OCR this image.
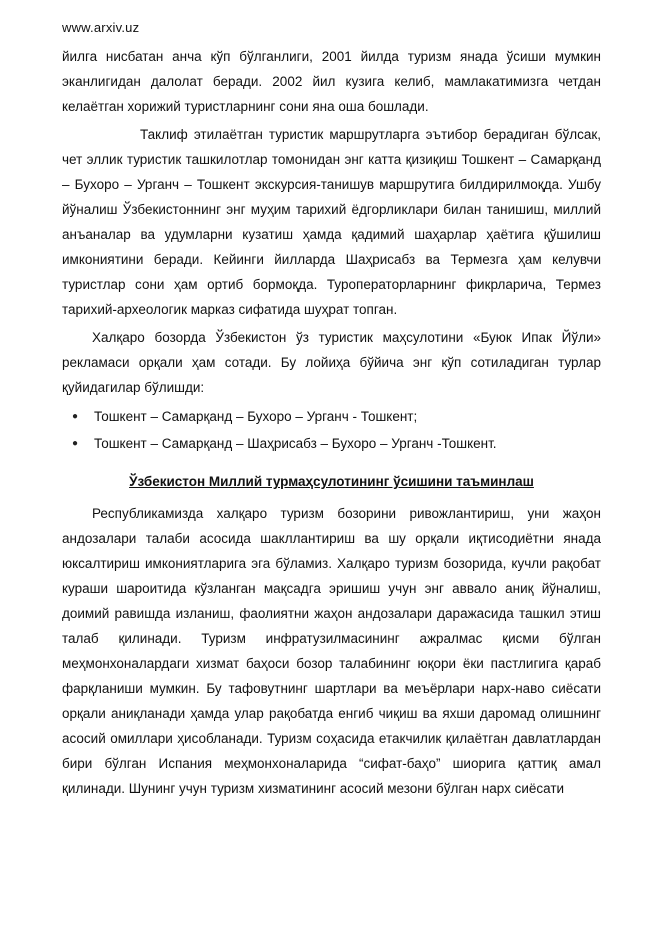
www.arxiv.uz

йилга нисбатан анча кўп бўлганлиги, 2001 йилда туризм янада ўсиши мумкин эканлигидан далолат беради. 2002 йил кузига келиб, мамлакатимизга четдан келаётган хорижий туристларнинг сони яна оша бошлади.

Таклиф этилаётган туристик маршрутларга эътибор берадиган бўлсак, чет эллик туристик ташкилотлар томонидан энг катта қизиқиш Тошкент – Самарқанд – Бухоро – Урганч – Тошкент экскурсия-танишув маршрутига билдирилмоқда. Ушбу йўналиш Ўзбекистоннинг энг муҳим тарихий ёдгорликлари билан танишиш, миллий анъаналар ва удумларни кузатиш ҳамда қадимий шаҳарлар ҳаётига қўшилиш имкониятини беради. Кейинги йилларда Шаҳрисабз ва Термезга ҳам келувчи туристлар сони ҳам ортиб бормоқда. Туроператорларнинг фикрларича, Термез тарихий-археологик марказ сифатида шуҳрат топган.

Халқаро бозорда Ўзбекистон ўз туристик маҳсулотини «Буюк Ипак Йўли» рекламаси орқали ҳам сотади. Бу лойиҳа бўйича энг кўп сотиладиган турлар қуйидагилар бўлишди:

● Тошкент – Самарқанд – Бухоро – Урганч - Тошкент;
● Тошкент – Самарқанд – Шаҳрисабз – Бухоро – Урганч -Тошкент.
Ўзбекистон Миллий турмаҳсулотининг ўсишини таъминлаш

Республикамизда халқаро туризм бозорини ривожлантириш, уни жаҳон андозалари талаби асосида шакллантириш ва шу орқали иқтисодиётни янада юксалтириш имкониятларига эга бўламиз. Халқаро туризм бозорида, кучли рақобат кураши шароитида кўзланган мақсадга эришиш учун энг аввало аниқ йўналиш, доимий равишда изланиш, фаолиятни жаҳон андозалари даражасида ташкил этиш талаб қилинади. Туризм инфратузилмасининг ажралмас қисми бўлган меҳмонхоналардаги хизмат баҳоси бозор талабининг юқори ёки пастлигига қараб фарқланиши мумкин. Бу тафовутнинг шартлари ва меъёрлари нарх-наво сиёсати орқали аниқланади ҳамда улар рақобатда енгиб чиқиш ва яхши даромад олишнинг асосий омиллари ҳисобланади. Туризм соҳасида етакчилик қилаётган давлатлардан бири бўлган Испания меҳмонхоналарида “сифат-баҳо” шиорига қаттиқ амал қилинади. Шунинг учун туризм хизматининг асосий мезони бўлган нарх сиёсати
